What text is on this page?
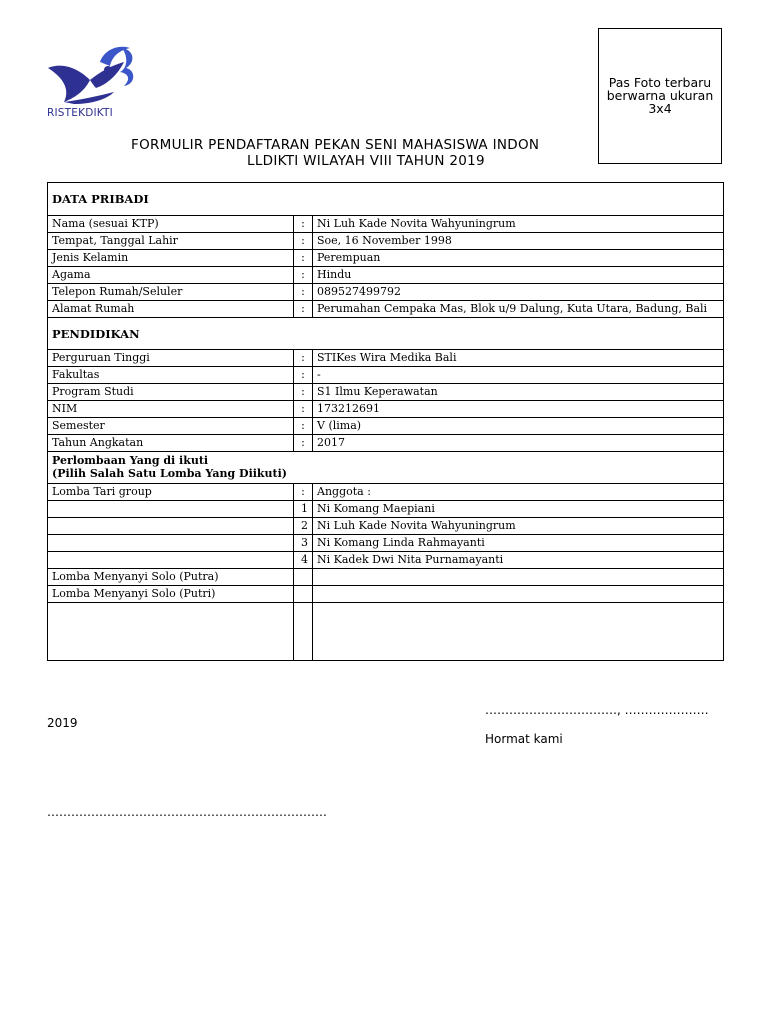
RISTEKDIKTI
Pas Foto terbaru
berwarna ukuran
3x4
FORMULIR PENDAFTARAN PEKAN SENI MAHASISWA INDON
LLDIKTI WILAYAH VIII TAHUN 2019
DATA PRIBADI		
Nama (sesuai KTP)	:	Ni Luh Kade Novita Wahyuningrum
Tempat, Tanggal Lahir	:	Soe, 16 November 1998
Jenis Kelamin	:	Perempuan
Agama	:	Hindu
Telepon Rumah/Seluler	:	089527499792
Alamat Rumah	:	Perumahan Cempaka Mas, Blok u/9 Dalung, Kuta Utara, Badung, Bali
PENDIDIKAN		
Perguruan Tinggi	:	STIKes Wira Medika Bali
Fakultas	:	-
Program Studi	:	S1 Ilmu Keperawatan
NIM	:	173212691
Semester	:	V (lima)
Tahun Angkatan	:	2017

Perlombaan Yang di ikuti
(Pilih Salah Satu Lomba Yang Diikuti)		

Lomba Tari group	:	Anggota :
	1	Ni Komang Maepiani
	2	Ni Luh Kade Novita Wahyuningrum
	3	Ni Komang Linda Rahmayanti
	4	Ni Kadek Dwi Nita Purnamayanti
Lomba Menyanyi Solo (Putra)		
Lomba Menyanyi Solo (Putri)		

……………………………, …………………
2019
Hormat kami
…………………………………………………………….
